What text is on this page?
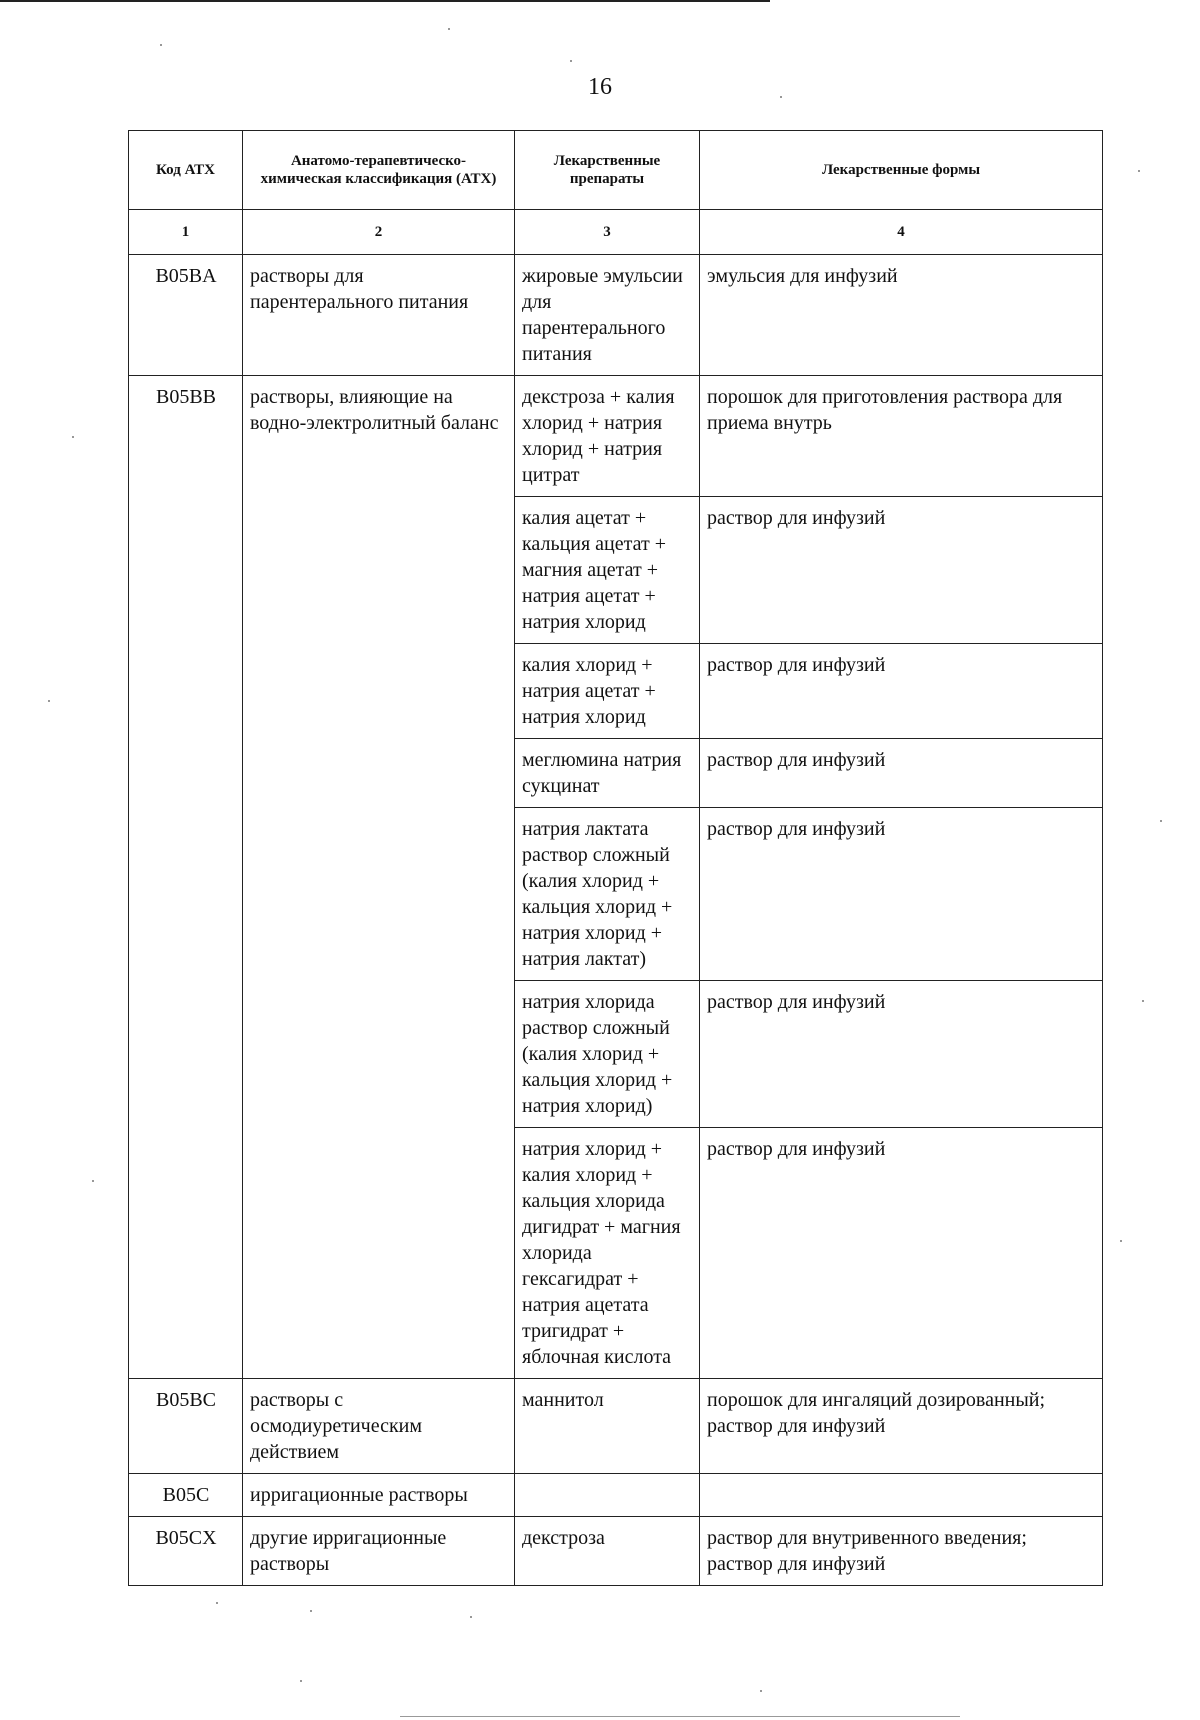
16
Код АТХ	Анатомо-терапевтическо-химическая классификация (АТХ)	Лекарственные препараты	Лекарственные формы
1	2	3	4
B05BA	растворы для парентерального питания	жировые эмульсии для парентерального питания	эмульсия для инфузий
B05BB	растворы, влияющие на водно-электролитный баланс	декстроза + калия хлорид + натрия хлорид + натрия цитрат	порошок для приготовления раствора для приема внутрь
		калия ацетат + кальция ацетат + магния ацетат + натрия ацетат + натрия хлорид	раствор для инфузий
		калия хлорид + натрия ацетат + натрия хлорид	раствор для инфузий
		меглюмина натрия сукцинат	раствор для инфузий
		натрия лактата раствор сложный (калия хлорид + кальция хлорид + натрия хлорид + натрия лактат)	раствор для инфузий
		натрия хлорида раствор сложный (калия хлорид + кальция хлорид + натрия хлорид)	раствор для инфузий
		натрия хлорид + калия хлорид + кальция хлорида дигидрат + магния хлорида гексагидрат + натрия ацетата тригидрат + яблочная кислота	раствор для инфузий
B05BC	растворы с осмодиуретическим действием	маннитол	порошок для ингаляций дозированный; раствор для инфузий
B05C	ирригационные растворы		
B05CX	другие ирригационные растворы	декстроза	раствор для внутривенного введения; раствор для инфузий
